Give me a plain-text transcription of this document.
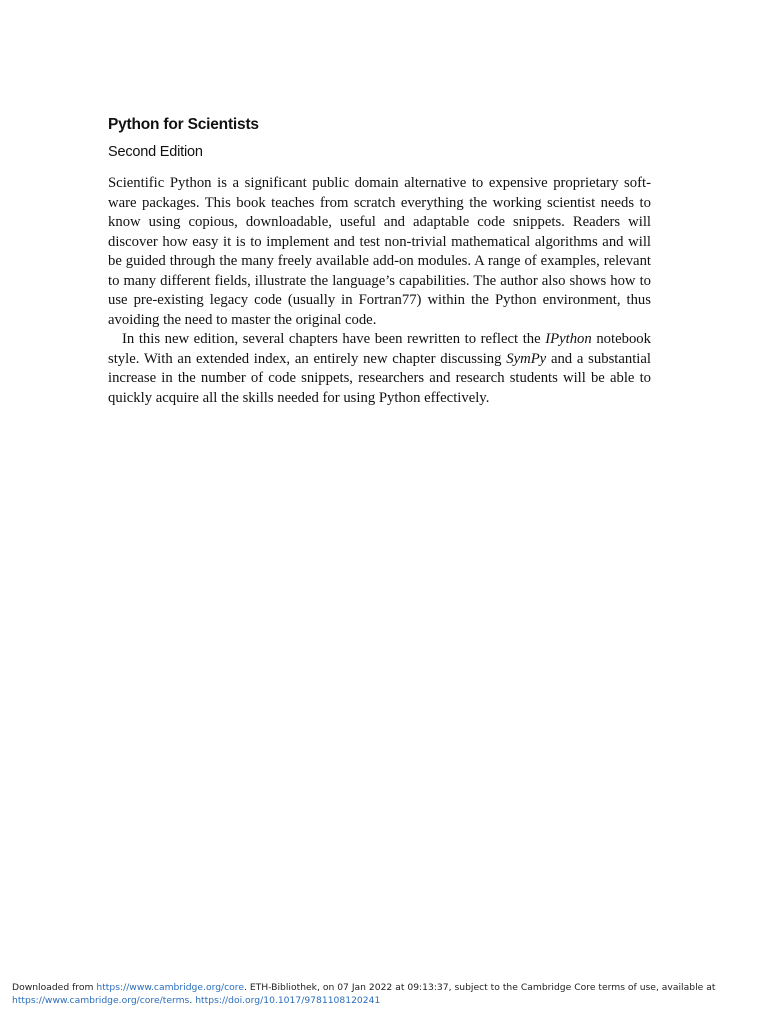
Python for Scientists
Second Edition

Scientific Python is a significant public domain alternative to expensive proprietary software packages. This book teaches from scratch everything the working scientist needs to know using copious, downloadable, useful and adaptable code snippets. Readers will discover how easy it is to implement and test non-trivial mathematical algorithms and will be guided through the many freely available add-on modules. A range of examples, relevant to many different fields, illustrate the language’s capabilities. The author also shows how to use pre-existing legacy code (usually in Fortran77) within the Python environment, thus avoiding the need to master the original code.

In this new edition, several chapters have been rewritten to reflect the IPython notebook style. With an extended index, an entirely new chapter discussing SymPy and a substantial increase in the number of code snippets, researchers and research students will be able to quickly acquire all the skills needed for using Python effectively.

Downloaded from https://www.cambridge.org/core. ETH-Bibliothek, on 07 Jan 2022 at 09:13:37, subject to the Cambridge Core terms of use, available at https://www.cambridge.org/core/terms. https://doi.org/10.1017/9781108120241
